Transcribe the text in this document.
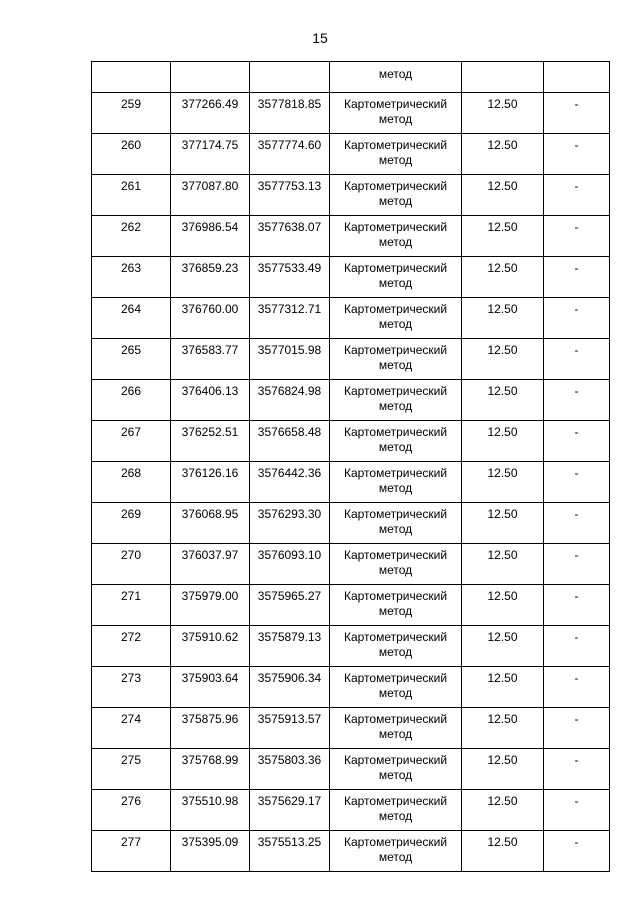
15
			метод		
259	377266.49	3577818.85	Картометрический метод	12.50	-
260	377174.75	3577774.60	Картометрический метод	12.50	-
261	377087.80	3577753.13	Картометрический метод	12.50	-
262	376986.54	3577638.07	Картометрический метод	12.50	-
263	376859.23	3577533.49	Картометрический метод	12.50	-
264	376760.00	3577312.71	Картометрический метод	12.50	-
265	376583.77	3577015.98	Картометрический метод	12.50	-
266	376406.13	3576824.98	Картометрический метод	12.50	-
267	376252.51	3576658.48	Картометрический метод	12.50	-
268	376126.16	3576442.36	Картометрический метод	12.50	-
269	376068.95	3576293.30	Картометрический метод	12.50	-
270	376037.97	3576093.10	Картометрический метод	12.50	-
271	375979.00	3575965.27	Картометрический метод	12.50	-
272	375910.62	3575879.13	Картометрический метод	12.50	-
273	375903.64	3575906.34	Картометрический метод	12.50	-
274	375875.96	3575913.57	Картометрический метод	12.50	-
275	375768.99	3575803.36	Картометрический метод	12.50	-
276	375510.98	3575629.17	Картометрический метод	12.50	-
277	375395.09	3575513.25	Картометрический метод	12.50	-
